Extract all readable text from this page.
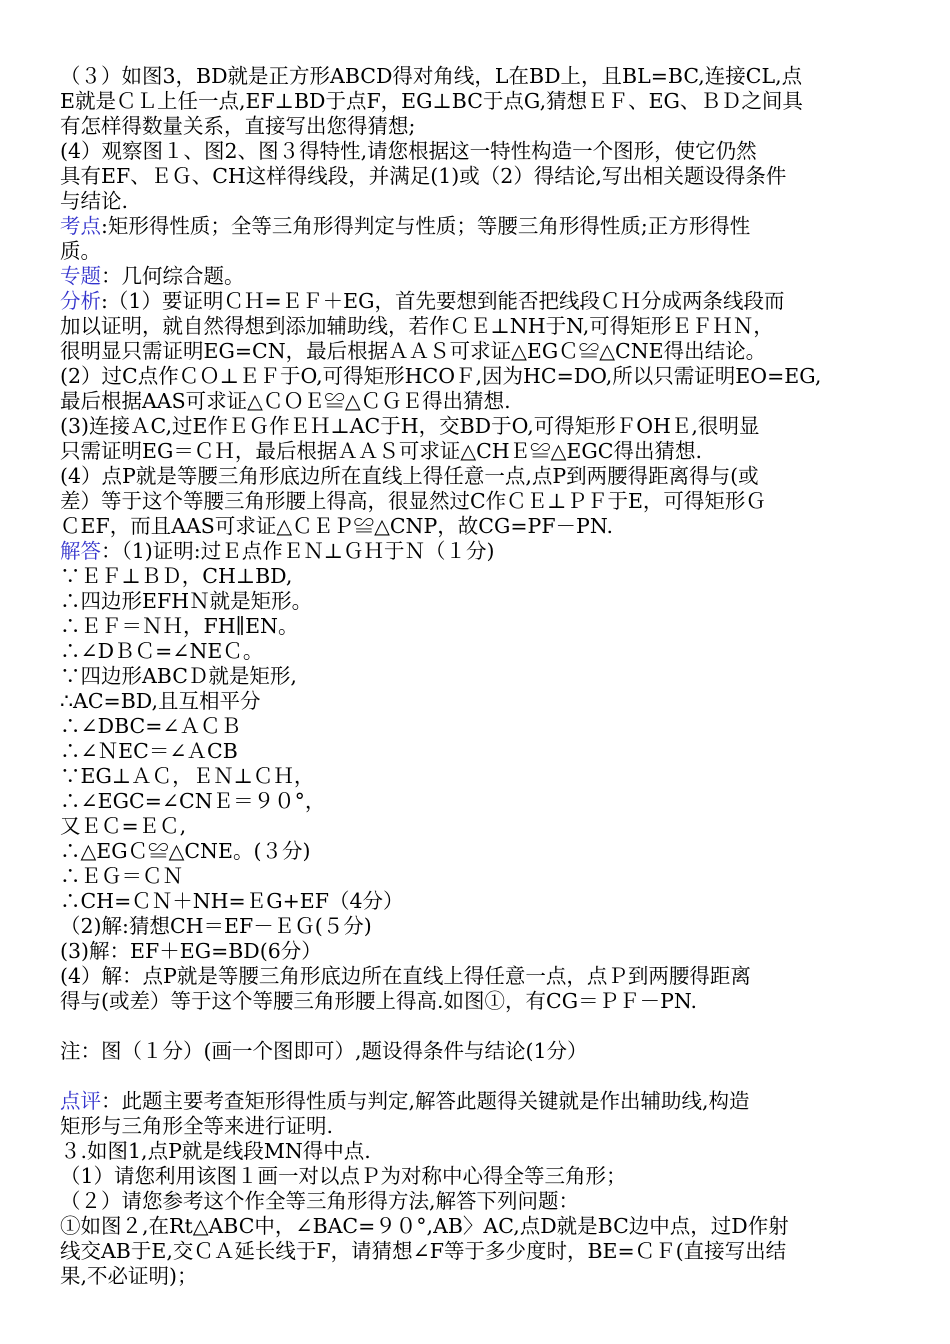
（３）如图3，BD就是正方形ABCD得对角线，L在BD上，且BL=BC,连接CL,点
E就是ＣＬ上任一点,EF⊥BD于点F，EG⊥BC于点G,猜想ＥＦ、EG、ＢＤ之间具
有怎样得数量关系，直接写出您得猜想;
(4）观察图１、图2、图３得特性,请您根据这一特性构造一个图形，使它仍然
具有EF、ＥＧ、CH这样得线段，并满足(1)或（2）得结论,写出相关题设得条件
与结论.
考点:矩形得性质；全等三角形得判定与性质；等腰三角形得性质;正方形得性
质。
专题：几何综合题。
分析:（1）要证明ＣＨ=ＥＦ＋EG，首先要想到能否把线段ＣＨ分成两条线段而
加以证明，就自然得想到添加辅助线，若作ＣＥ⊥NH于N,可得矩形ＥＦＨＮ，
很明显只需证明EG=CN，最后根据ＡＡＳ可求证△EGＣ≌△CNE得出结论。
(2）过C点作ＣＯ⊥ＥＦ于O,可得矩形HCOＦ,因为HC=DO,所以只需证明EO=EG,
最后根据AAS可求证△ＣＯＥ≌△ＣＧＥ得出猜想.
(3)连接ＡC,过E作ＥＧ作ＥＨ⊥AC于H，交BD于O,可得矩形ＦOHＥ,很明显
只需证明EG＝ＣＨ，最后根据ＡＡＳ可求证△CHＥ≌△EGC得出猜想.
(4）点P就是等腰三角形底边所在直线上得任意一点,点P到两腰得距离得与(或
差）等于这个等腰三角形腰上得高，很显然过C作ＣＥ⊥ＰＦ于E，可得矩形Ｇ
ＣEF，而且AAS可求证△ＣＥＰ≌△CNP，故CG=PF－PN.
解答：（1)证明:过Ｅ点作ＥＮ⊥ＧＨ于Ｎ（１分)
∵ＥＦ⊥ＢＤ，CH⊥BD,
∴四边形EFHＮ就是矩形。
∴ＥＦ＝ＮＨ，FH∥EN。
∴∠DＢＣ=∠NEＣ。
∵四边形ABCＤ就是矩形,
∴AC=BD,且互相平分
∴∠DBC=∠ＡＣＢ
∴∠ＮEC＝∠ＡCB
∵EG⊥ＡＣ，ＥＮ⊥ＣＨ，
∴∠EGC=∠CNＥ＝９０°，
又ＥＣ=ＥＣ,
∴△EGＣ≌△CNE。(３分)
∴ＥＧ＝ＣＮ
∴CH=ＣＮ＋NH=ＥG+EF（4分）
（2)解:猜想CH＝EF－ＥＧ(５分)
(3)解：EF＋EG=BD(6分）
(4）解：点P就是等腰三角形底边所在直线上得任意一点，点Ｐ到两腰得距离
得与(或差）等于这个等腰三角形腰上得高.如图①，有CG＝ＰＦ－PN.
注：图（１分）(画一个图即可）,题设得条件与结论(1分）
点评：此题主要考查矩形得性质与判定,解答此题得关键就是作出辅助线,构造
矩形与三角形全等来进行证明.
３.如图1,点P就是线段MN得中点.
（1）请您利用该图１画一对以点Ｐ为对称中心得全等三角形；
（２）请您参考这个作全等三角形得方法,解答下列问题：
①如图２,在Rt△ABC中，∠BAC=９０°,AB〉AC,点D就是BC边中点，过D作射
线交AB于E,交ＣＡ延长线于F，请猜想∠F等于多少度时，BE=ＣＦ(直接写出结
果,不必证明)；
